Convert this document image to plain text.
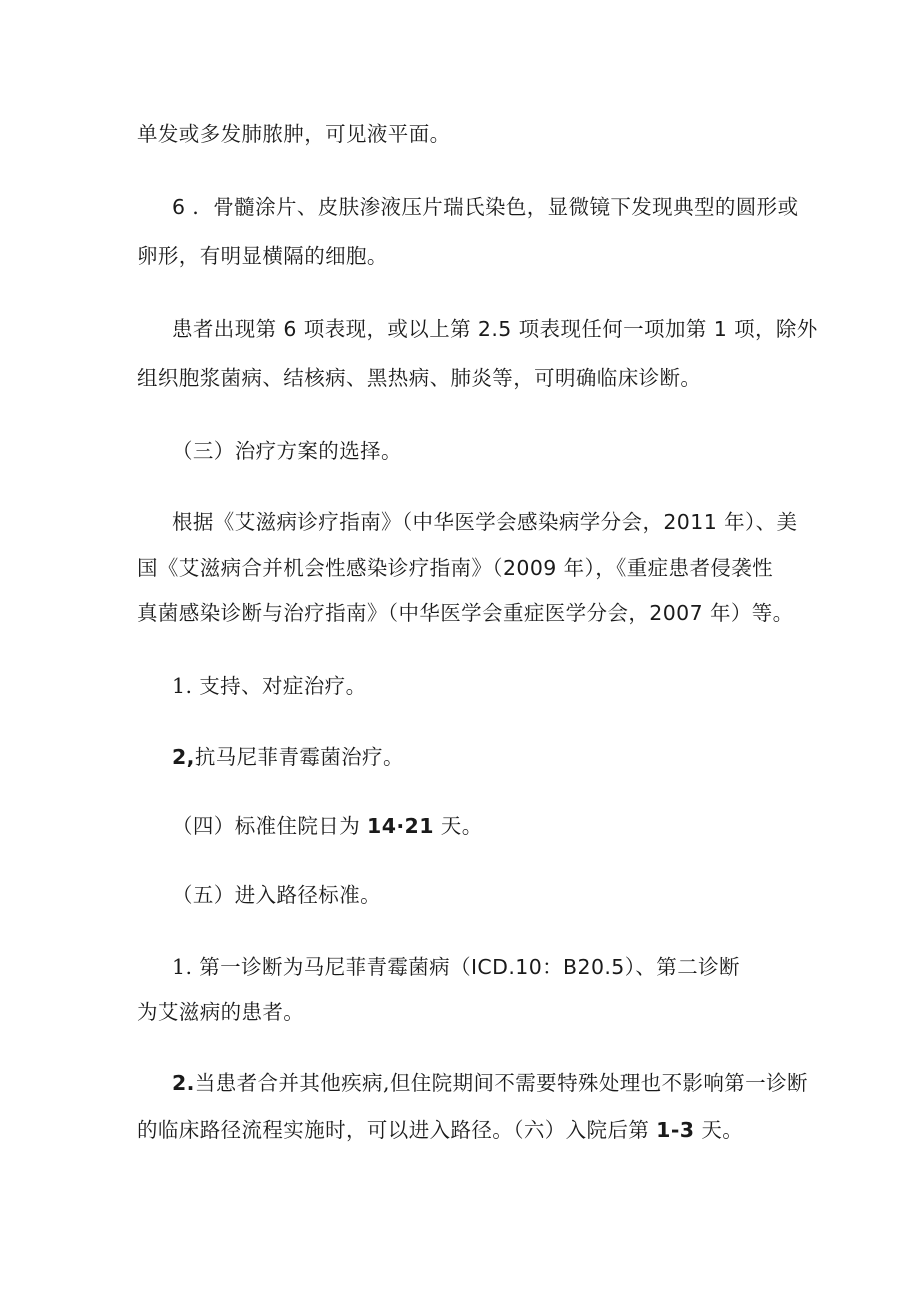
单发或多发肺脓肿，可见液平面。
6 ．骨髓涂片、皮肤渗液压片瑞氏染色，显微镜下发现典型的圆形或
卵形，有明显横隔的细胞。
患者出现第 6 项表现，或以上第 2.5 项表现任何一项加第 1 项，除外
组织胞浆菌病、结核病、黑热病、肺炎等，可明确临床诊断。
（三）治疗方案的选择。
根据《艾滋病诊疗指南》（中华医学会感染病学分会，2011 年）、美
国《艾滋病合并机会性感染诊疗指南》（2009 年），《重症患者侵袭性
真菌感染诊断与治疗指南》（中华医学会重症医学分会，2007 年）等。
1. 支持、对症治疗。
2,抗马尼菲青霉菌治疗。
（四）标准住院日为 14·21 天。
（五）进入路径标准。
1. 第一诊断为马尼菲青霉菌病（ICD.10：B20.5）、第二诊断
为艾滋病的患者。
2.当患者合并其他疾病,但住院期间不需要特殊处理也不影响第一诊断
的临床路径流程实施时，可以进入路径。（六）入院后第 1-3 天。
